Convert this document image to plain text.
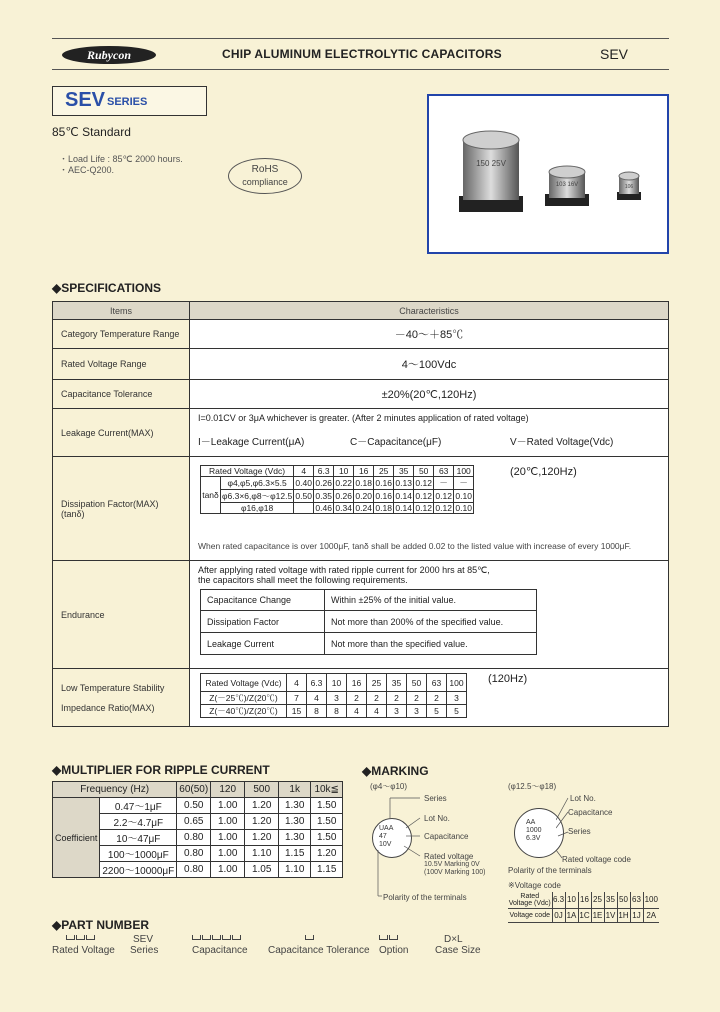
Rubycon	CHIP ALUMINUM ELECTROLYTIC CAPACITORS	SEV
SEV SERIES
85℃ Standard
・Load Life : 85℃ 2000 hours.
・AEC-Q200.	RoHS
compliance
150 25V
103 16V	106
◆SPECIFICATIONS
Items	Characteristics
Category Temperature Range	－40～＋85℃
Rated Voltage Range	4～100Vdc
Capacitance Tolerance	±20%(20℃,120Hz)
Leakage Current(MAX)	
I=0.01CV or 3μA whichever is greater. (After 2 minutes application of rated voltage)
I－Leakage Current(μA)	C－Capacitance(μF)	V－Rated Voltage(Vdc)

Dissipation Factor(MAX)
(tanδ)

(20℃,120Hz)
Rated Voltage (Vdc)	4	6.3	10	16	25	35	50	63	100
tanδ	φ4,φ5,φ6.3×5.5	0.40	0.26	0.22	0.18	0.16	0.13	0.12	－	－
φ6.3×6,φ8～φ12.5	0.50	0.35	0.26	0.20	0.16	0.14	0.12	0.12	0.10
φ16,φ18		0.46	0.34	0.24	0.18	0.14	0.12	0.12	0.10
When rated capacitance is over 1000μF, tanδ shall be added 0.02 to the listed value with increase of every 1000μF.

Endurance	
After applying rated voltage with rated ripple current for 2000 hrs at 85℃,
the capacitors shall meet the following requirements.
Capacitance Change	Within ±25% of the initial value.
Dissipation Factor	Not more than 200% of the specified value.
Leakage Current	Not more than the specified value.

Low Temperature Stability
Impedance Ratio(MAX)

Rated Voltage (Vdc)	4	6.3	10	16	25	35	50	63	100
Z(－25℃)/Z(20℃)	7	4	3	2	2	2	2	2	3
Z(－40℃)/Z(20℃)	15	8	8	4	4	3	3	5	5
(120Hz)
◆MULTIPLIER FOR RIPPLE CURRENT
Frequency (Hz)		60(50)	120	500	1k	10k≦
Coefficient	0.47～1μF	0.50	1.00	1.20	1.30	1.50
	2.2～4.7μF	0.65	1.00	1.20	1.30	1.50
	10～47μF	0.80	1.00	1.20	1.30	1.50
	100～1000μF	0.80	1.00	1.10	1.15	1.20
	2200～10000μF	0.80	1.00	1.05	1.10	1.15
◆MARKING
(φ4～φ10)	(φ12.5～φ18)
UAA
47
10V
Series
Lot No.
Capacitance
Rated voltage
10.5V Marking 0V
(100V Marking 100)
Polarity of the terminals
AA
1000
6.3V
Lot No.
Capacitance
Series
Rated voltage code
Polarity of the terminals
※Voltage code
Rated Voltage (Vdc)	6.3	10	16	25	35	50	63	100
Voltage code	0J	1A	1C	1E	1V	1H	1J	2A
◆PART NUMBER
SEV	D×L
Rated Voltage Series	Capacitance Capacitance Tolerance Option	Case Size
